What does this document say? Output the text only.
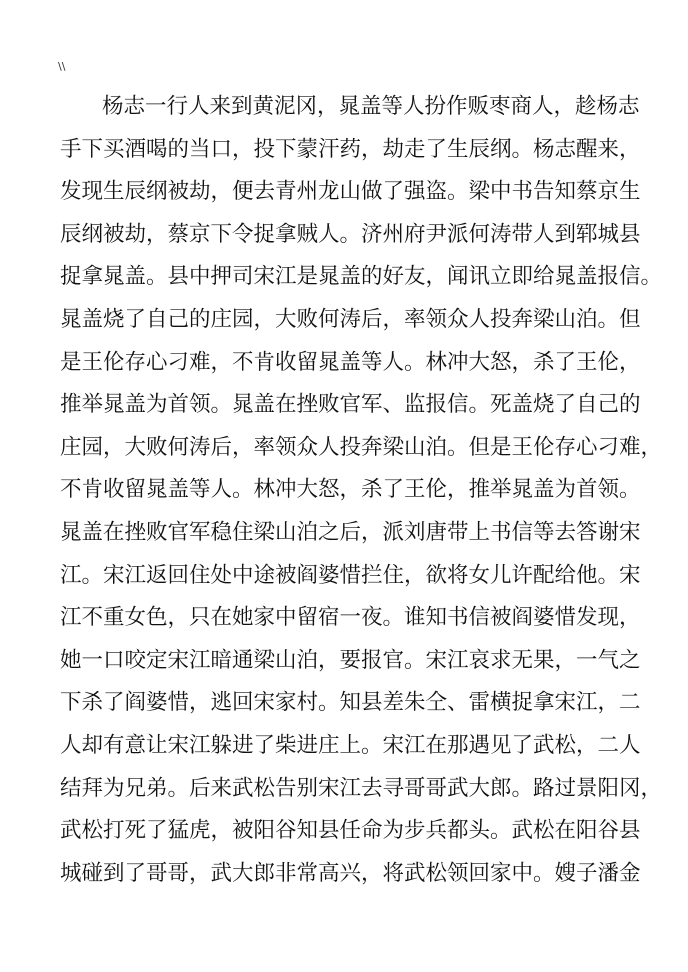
\\
杨志一行人来到黄泥冈，晁盖等人扮作贩枣商人，趁杨志
手下买酒喝的当口，投下蒙汗药，劫走了生辰纲。杨志醒来，
发现生辰纲被劫，便去青州龙山做了强盗。梁中书告知蔡京生
辰纲被劫，蔡京下令捉拿贼人。济州府尹派何涛带人到郓城县
捉拿晁盖。县中押司宋江是晁盖的好友，闻讯立即给晁盖报信。
晁盖烧了自己的庄园，大败何涛后，率领众人投奔梁山泊。但
是王伦存心刁难，不肯收留晁盖等人。林冲大怒，杀了王伦，
推举晁盖为首领。晁盖在挫败官军、监报信。死盖烧了自己的
庄园，大败何涛后，率领众人投奔梁山泊。但是王伦存心刁难，
不肯收留晁盖等人。林冲大怒，杀了王伦，推举晁盖为首领。
晁盖在挫败官军稳住梁山泊之后，派刘唐带上书信等去答谢宋
江。宋江返回住处中途被阎婆惜拦住，欲将女儿许配给他。宋
江不重女色，只在她家中留宿一夜。谁知书信被阎婆惜发现，
她一口咬定宋江暗通梁山泊，要报官。宋江哀求无果，一气之
下杀了阎婆惜，逃回宋家村。知县差朱仝、雷横捉拿宋江，二
人却有意让宋江躲进了柴进庄上。宋江在那遇见了武松，二人
结拜为兄弟。后来武松告别宋江去寻哥哥武大郎。路过景阳冈，
武松打死了猛虎，被阳谷知县任命为步兵都头。武松在阳谷县
城碰到了哥哥，武大郎非常高兴，将武松领回家中。嫂子潘金
